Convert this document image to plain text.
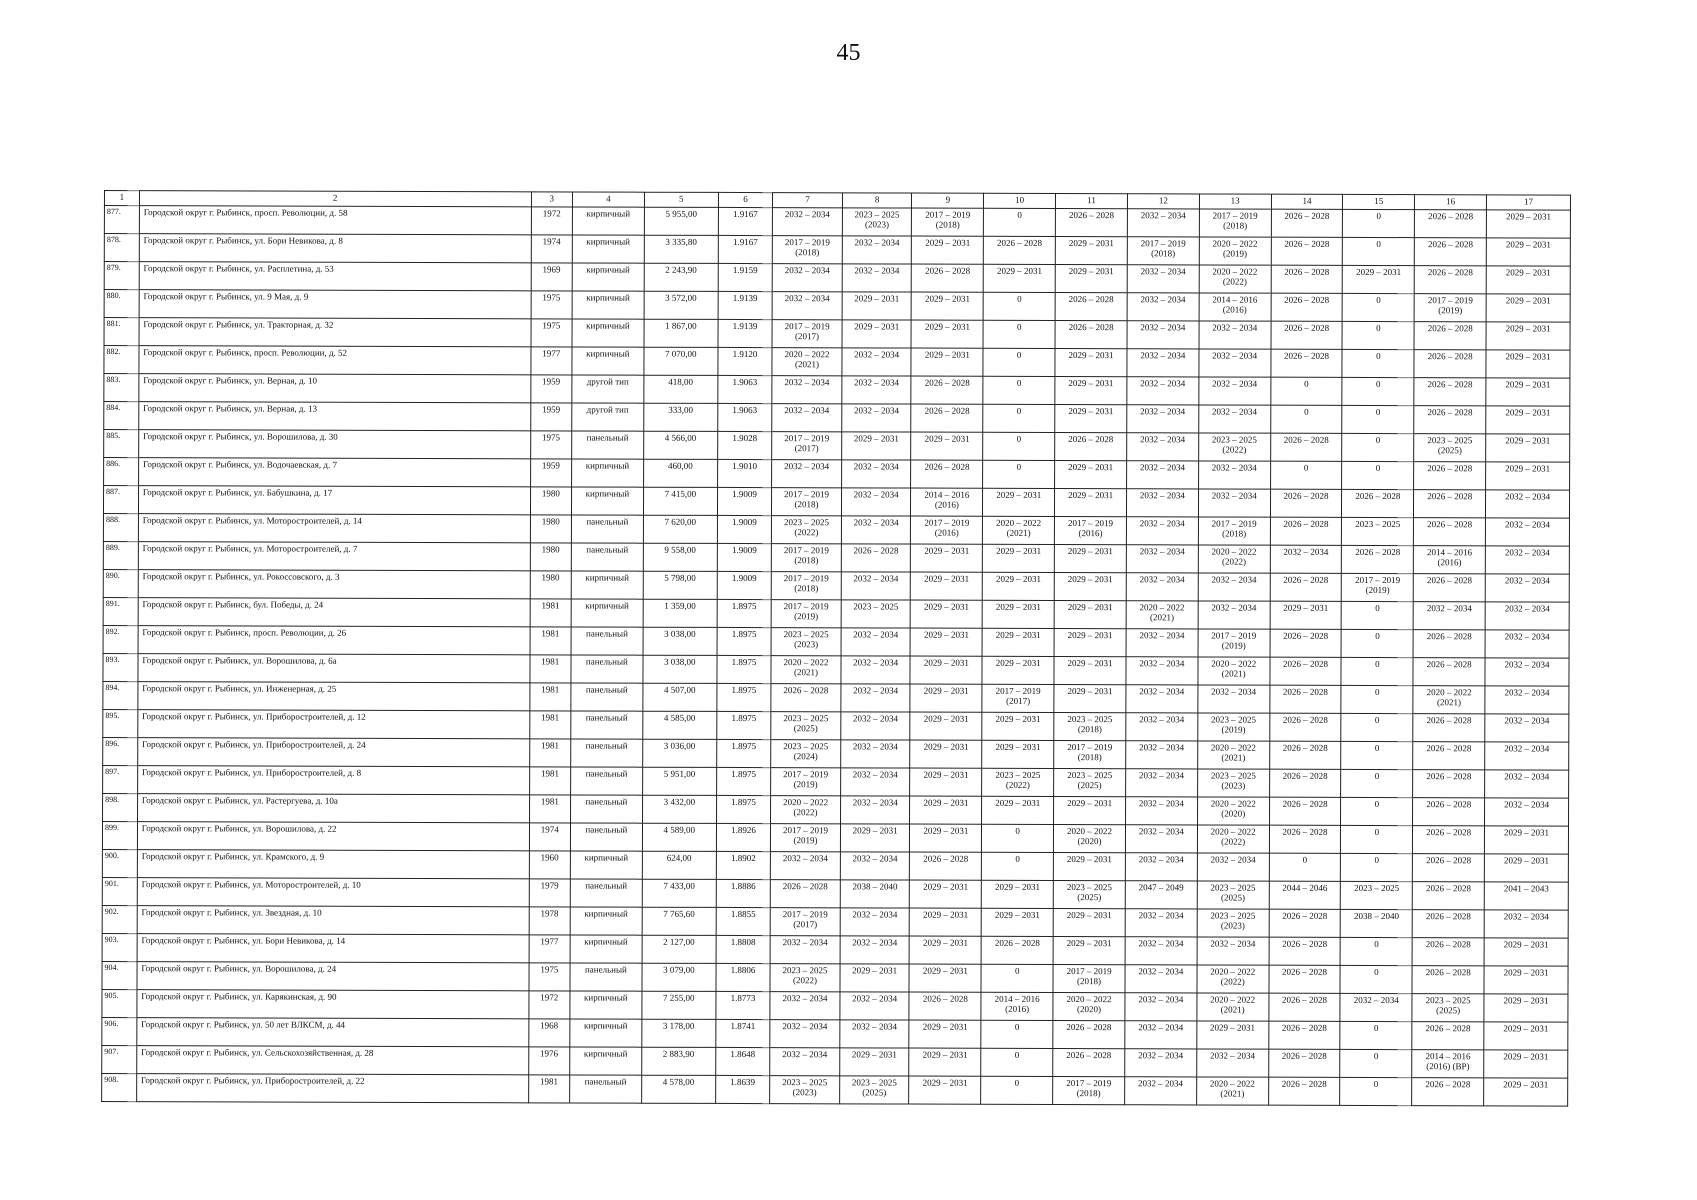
45
1	2	3	4	5	6	7	8	9	10	11	12	13	14	15	16	17

877.	Городской округ г. Рыбинск, просп. Революции, д. 58	1972	кирпичный	5 955,00	1.9167	2032 – 2034	2023 – 2025
(2023)	2017 – 2019
(2018)	0	2026 – 2028	2032 – 2034	2017 – 2019
(2018)	2026 – 2028	0	2026 – 2028	2029 – 2031

878.	Городской округ г. Рыбинск, ул. Бори Невикова, д. 8	1974	кирпичный	3 335,80	1.9167	2017 – 2019
(2018)	2032 – 2034	2029 – 2031	2026 – 2028	2029 – 2031	2017 – 2019
(2018)	2020 – 2022
(2019)	2026 – 2028	0	2026 – 2028	2029 – 2031

879.	Городской округ г. Рыбинск, ул. Расплетина, д. 53	1969	кирпичный	2 243,90	1.9159	2032 – 2034	2032 – 2034	2026 – 2028	2029 – 2031	2029 – 2031	2032 – 2034	2020 – 2022
(2022)	2026 – 2028	2029 – 2031	2026 – 2028	2029 – 2031

880.	Городской округ г. Рыбинск, ул. 9 Мая, д. 9	1975	кирпичный	3 572,00	1.9139	2032 – 2034	2029 – 2031	2029 – 2031	0	2026 – 2028	2032 – 2034	2014 – 2016
(2016)	2026 – 2028	0	2017 – 2019
(2019)	2029 – 2031

881.	Городской округ г. Рыбинск, ул. Тракторная, д. 32	1975	кирпичный	1 867,00	1.9139	2017 – 2019
(2017)	2029 – 2031	2029 – 2031	0	2026 – 2028	2032 – 2034	2032 – 2034	2026 – 2028	0	2026 – 2028	2029 – 2031

882.	Городской округ г. Рыбинск, просп. Революции, д. 52	1977	кирпичный	7 070,00	1.9120	2020 – 2022
(2021)	2032 – 2034	2029 – 2031	0	2029 – 2031	2032 – 2034	2032 – 2034	2026 – 2028	0	2026 – 2028	2029 – 2031

883.	Городской округ г. Рыбинск, ул. Верная, д. 10	1959	другой тип	418,00	1.9063	2032 – 2034	2032 – 2034	2026 – 2028	0	2029 – 2031	2032 – 2034	2032 – 2034	0	0	2026 – 2028	2029 – 2031

884.	Городской округ г. Рыбинск, ул. Верная, д. 13	1959	другой тип	333,00	1.9063	2032 – 2034	2032 – 2034	2026 – 2028	0	2029 – 2031	2032 – 2034	2032 – 2034	0	0	2026 – 2028	2029 – 2031

885.	Городской округ г. Рыбинск, ул. Ворошилова, д. 30	1975	панельный	4 566,00	1.9028	2017 – 2019
(2017)	2029 – 2031	2029 – 2031	0	2026 – 2028	2032 – 2034	2023 – 2025
(2022)	2026 – 2028	0	2023 – 2025
(2025)	2029 – 2031

886.	Городской округ г. Рыбинск, ул. Водочаевская, д. 7	1959	кирпичный	460,00	1.9010	2032 – 2034	2032 – 2034	2026 – 2028	0	2029 – 2031	2032 – 2034	2032 – 2034	0	0	2026 – 2028	2029 – 2031

887.	Городской округ г. Рыбинск, ул. Бабушкина, д. 17	1980	кирпичный	7 415,00	1.9009	2017 – 2019
(2018)	2032 – 2034	2014 – 2016
(2016)	2029 – 2031	2029 – 2031	2032 – 2034	2032 – 2034	2026 – 2028	2026 – 2028	2026 – 2028	2032 – 2034

888.	Городской округ г. Рыбинск, ул. Моторостроителей, д. 14	1980	панельный	7 620,00	1.9009	2023 – 2025
(2022)	2032 – 2034	2017 – 2019
(2016)	2020 – 2022
(2021)	2017 – 2019
(2016)	2032 – 2034	2017 – 2019
(2018)	2026 – 2028	2023 – 2025	2026 – 2028	2032 – 2034

889.	Городской округ г. Рыбинск, ул. Моторостроителей, д. 7	1980	панельный	9 558,00	1.9009	2017 – 2019
(2018)	2026 – 2028	2029 – 2031	2029 – 2031	2029 – 2031	2032 – 2034	2020 – 2022
(2022)	2032 – 2034	2026 – 2028	2014 – 2016
(2016)	2032 – 2034

890.	Городской округ г. Рыбинск, ул. Рокоссовского, д. 3	1980	кирпичный	5 798,00	1.9009	2017 – 2019
(2018)	2032 – 2034	2029 – 2031	2029 – 2031	2029 – 2031	2032 – 2034	2032 – 2034	2026 – 2028	2017 – 2019
(2019)	2026 – 2028	2032 – 2034

891.	Городской округ г. Рыбинск, бул. Победы, д. 24	1981	кирпичный	1 359,00	1.8975	2017 – 2019
(2019)	2023 – 2025	2029 – 2031	2029 – 2031	2029 – 2031	2020 – 2022
(2021)	2032 – 2034	2029 – 2031	0	2032 – 2034	2032 – 2034

892.	Городской округ г. Рыбинск, просп. Революции, д. 26	1981	панельный	3 038,00	1.8975	2023 – 2025
(2023)	2032 – 2034	2029 – 2031	2029 – 2031	2029 – 2031	2032 – 2034	2017 – 2019
(2019)	2026 – 2028	0	2026 – 2028	2032 – 2034

893.	Городской округ г. Рыбинск, ул. Ворошилова, д. 6а	1981	панельный	3 038,00	1.8975	2020 – 2022
(2021)	2032 – 2034	2029 – 2031	2029 – 2031	2029 – 2031	2032 – 2034	2020 – 2022
(2021)	2026 – 2028	0	2026 – 2028	2032 – 2034

894.	Городской округ г. Рыбинск, ул. Инженерная, д. 25	1981	панельный	4 507,00	1.8975	2026 – 2028	2032 – 2034	2029 – 2031	2017 – 2019
(2017)	2029 – 2031	2032 – 2034	2032 – 2034	2026 – 2028	0	2020 – 2022
(2021)	2032 – 2034

895.	Городской округ г. Рыбинск, ул. Приборостроителей, д. 12	1981	панельный	4 585,00	1.8975	2023 – 2025
(2025)	2032 – 2034	2029 – 2031	2029 – 2031	2023 – 2025
(2018)	2032 – 2034	2023 – 2025
(2019)	2026 – 2028	0	2026 – 2028	2032 – 2034

896.	Городской округ г. Рыбинск, ул. Приборостроителей, д. 24	1981	панельный	3 036,00	1.8975	2023 – 2025
(2024)	2032 – 2034	2029 – 2031	2029 – 2031	2017 – 2019
(2018)	2032 – 2034	2020 – 2022
(2021)	2026 – 2028	0	2026 – 2028	2032 – 2034

897.	Городской округ г. Рыбинск, ул. Приборостроителей, д. 8	1981	панельный	5 951,00	1.8975	2017 – 2019
(2019)	2032 – 2034	2029 – 2031	2023 – 2025
(2022)	2023 – 2025
(2025)	2032 – 2034	2023 – 2025
(2023)	2026 – 2028	0	2026 – 2028	2032 – 2034

898.	Городской округ г. Рыбинск, ул. Растергуева, д. 10а	1981	панельный	3 432,00	1.8975	2020 – 2022
(2022)	2032 – 2034	2029 – 2031	2029 – 2031	2029 – 2031	2032 – 2034	2020 – 2022
(2020)	2026 – 2028	0	2026 – 2028	2032 – 2034

899.	Городской округ г. Рыбинск, ул. Ворошилова, д. 22	1974	панельный	4 589,00	1.8926	2017 – 2019
(2019)	2029 – 2031	2029 – 2031	0	2020 – 2022
(2020)	2032 – 2034	2020 – 2022
(2022)	2026 – 2028	0	2026 – 2028	2029 – 2031

900.	Городской округ г. Рыбинск, ул. Крамского, д. 9	1960	кирпичный	624,00	1.8902	2032 – 2034	2032 – 2034	2026 – 2028	0	2029 – 2031	2032 – 2034	2032 – 2034	0	0	2026 – 2028	2029 – 2031

901.	Городской округ г. Рыбинск, ул. Моторостроителей, д. 10	1979	панельный	7 433,00	1.8886	2026 – 2028	2038 – 2040	2029 – 2031	2029 – 2031	2023 – 2025
(2025)	2047 – 2049	2023 – 2025
(2025)	2044 – 2046	2023 – 2025	2026 – 2028	2041 – 2043

902.	Городской округ г. Рыбинск, ул. Звездная, д. 10	1978	кирпичный	7 765,60	1.8855	2017 – 2019
(2017)	2032 – 2034	2029 – 2031	2029 – 2031	2029 – 2031	2032 – 2034	2023 – 2025
(2023)	2026 – 2028	2038 – 2040	2026 – 2028	2032 – 2034

903.	Городской округ г. Рыбинск, ул. Бори Невикова, д. 14	1977	кирпичный	2 127,00	1.8808	2032 – 2034	2032 – 2034	2029 – 2031	2026 – 2028	2029 – 2031	2032 – 2034	2032 – 2034	2026 – 2028	0	2026 – 2028	2029 – 2031

904.	Городской округ г. Рыбинск, ул. Ворошилова, д. 24	1975	панельный	3 079,00	1.8806	2023 – 2025
(2022)	2029 – 2031	2029 – 2031	0	2017 – 2019
(2018)	2032 – 2034	2020 – 2022
(2022)	2026 – 2028	0	2026 – 2028	2029 – 2031

905.	Городской округ г. Рыбинск, ул. Карякинская, д. 90	1972	кирпичный	7 255,00	1.8773	2032 – 2034	2032 – 2034	2026 – 2028	2014 – 2016
(2016)	2020 – 2022
(2020)	2032 – 2034	2020 – 2022
(2021)	2026 – 2028	2032 – 2034	2023 – 2025
(2025)	2029 – 2031

906.	Городской округ г. Рыбинск, ул. 50 лет ВЛКСМ, д. 44	1968	кирпичный	3 178,00	1.8741	2032 – 2034	2032 – 2034	2029 – 2031	0	2026 – 2028	2032 – 2034	2029 – 2031	2026 – 2028	0	2026 – 2028	2029 – 2031

907.	Городской округ г. Рыбинск, ул. Сельскохозяйственная, д. 28	1976	кирпичный	2 883,90	1.8648	2032 – 2034	2029 – 2031	2029 – 2031	0	2026 – 2028	2032 – 2034	2032 – 2034	2026 – 2028	0	2014 – 2016
(2016) (ВР)	2029 – 2031

908.	Городской округ г. Рыбинск, ул. Приборостроителей, д. 22	1981	панельный	4 578,00	1.8639	2023 – 2025
(2023)	2023 – 2025
(2025)	2029 – 2031	0	2017 – 2019
(2018)	2032 – 2034	2020 – 2022
(2021)	2026 – 2028	0	2026 – 2028	2029 – 2031
